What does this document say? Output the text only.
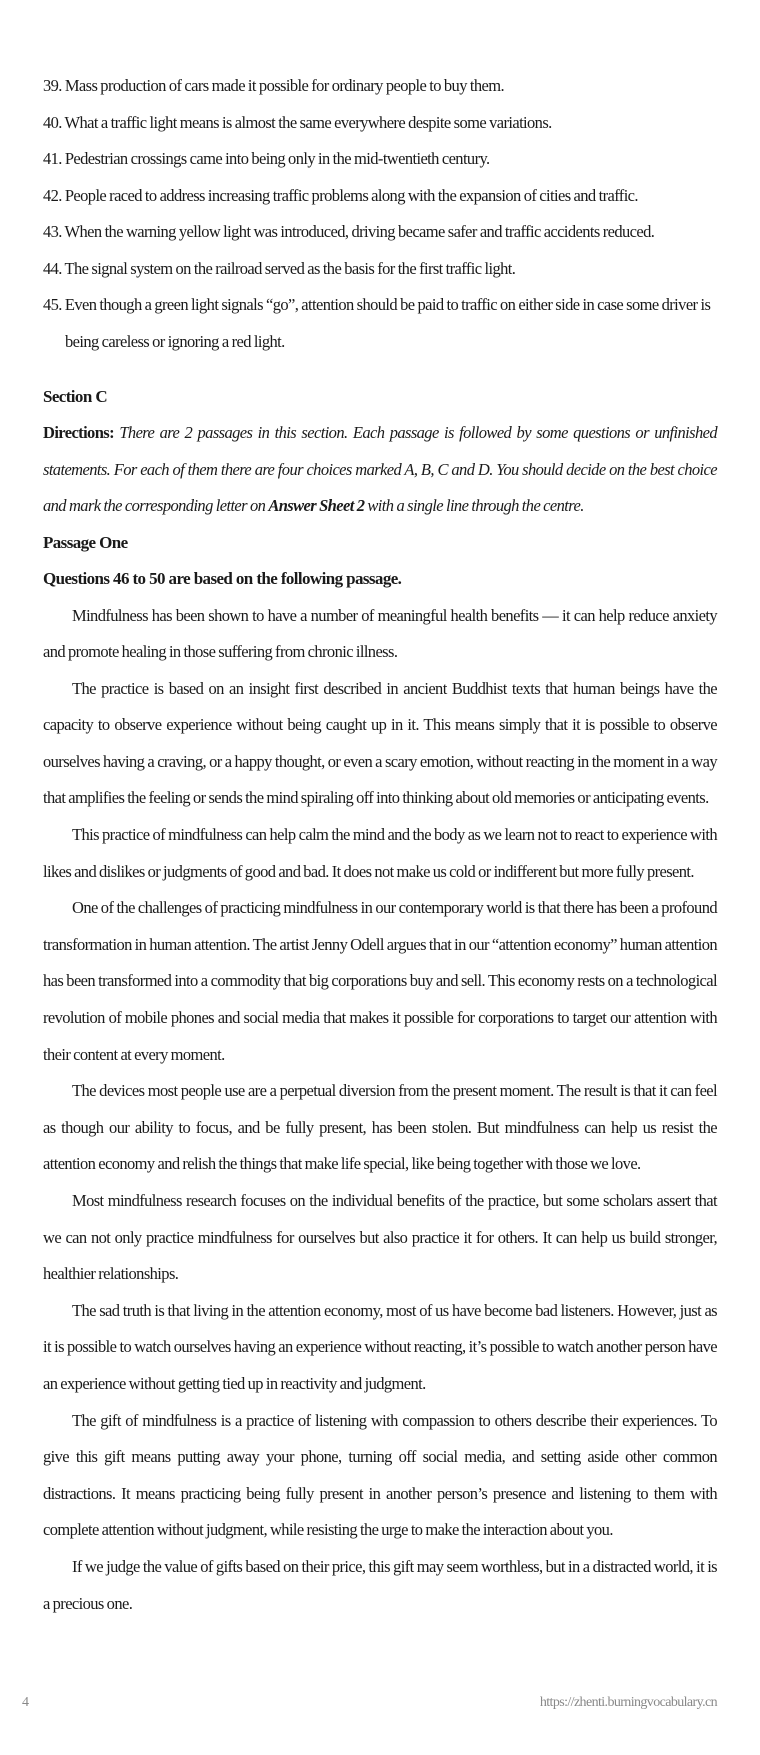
39. Mass production of cars made it possible for ordinary people to buy them.
40. What a traffic light means is almost the same everywhere despite some variations.
41. Pedestrian crossings came into being only in the mid-twentieth century.
42. People raced to address increasing traffic problems along with the expansion of cities and traffic.
43. When the warning yellow light was introduced, driving became safer and traffic accidents reduced.
44. The signal system on the railroad served as the basis for the first traffic light.
45. Even though a green light signals “go”, attention should be paid to traffic on either side in case some driver is being careless or ignoring a red light.
Section C

Directions: There are 2 passages in this section. Each passage is followed by some questions or unfinished statements. For each of them there are four choices marked A, B, C and D. You should decide on the best choice and mark the corresponding letter on Answer Sheet 2 with a single line through the centre.

Passage One
Questions 46 to 50 are based on the following passage.

Mindfulness has been shown to have a number of meaningful health benefits — it can help reduce anxiety and promote healing in those suffering from chronic illness.

The practice is based on an insight first described in ancient Buddhist texts that human beings have the capacity to observe experience without being caught up in it. This means simply that it is possible to observe ourselves having a craving, or a happy thought, or even a scary emotion, without reacting in the moment in a way that amplifies the feeling or sends the mind spiraling off into thinking about old memories or anticipating events.

This practice of mindfulness can help calm the mind and the body as we learn not to react to experience with likes and dislikes or judgments of good and bad. It does not make us cold or indifferent but more fully present.

One of the challenges of practicing mindfulness in our contemporary world is that there has been a profound transformation in human attention. The artist Jenny Odell argues that in our “attention economy” human attention has been transformed into a commodity that big corporations buy and sell. This economy rests on a technological revolution of mobile phones and social media that makes it possible for corporations to target our attention with their content at every moment.

The devices most people use are a perpetual diversion from the present moment. The result is that it can feel as though our ability to focus, and be fully present, has been stolen. But mindfulness can help us resist the attention economy and relish the things that make life special, like being together with those we love.

Most mindfulness research focuses on the individual benefits of the practice, but some scholars assert that we can not only practice mindfulness for ourselves but also practice it for others. It can help us build stronger, healthier relationships.

The sad truth is that living in the attention economy, most of us have become bad listeners. However, just as it is possible to watch ourselves having an experience without reacting, it’s possible to watch another person have an experience without getting tied up in reactivity and judgment.

The gift of mindfulness is a practice of listening with compassion to others describe their experiences. To give this gift means putting away your phone, turning off social media, and setting aside other common distractions. It means practicing being fully present in another person’s presence and listening to them with complete attention without judgment, while resisting the urge to make the interaction about you.

If we judge the value of gifts based on their price, this gift may seem worthless, but in a distracted world, it is a precious one.

4	https://zhenti.burningvocabulary.cn
